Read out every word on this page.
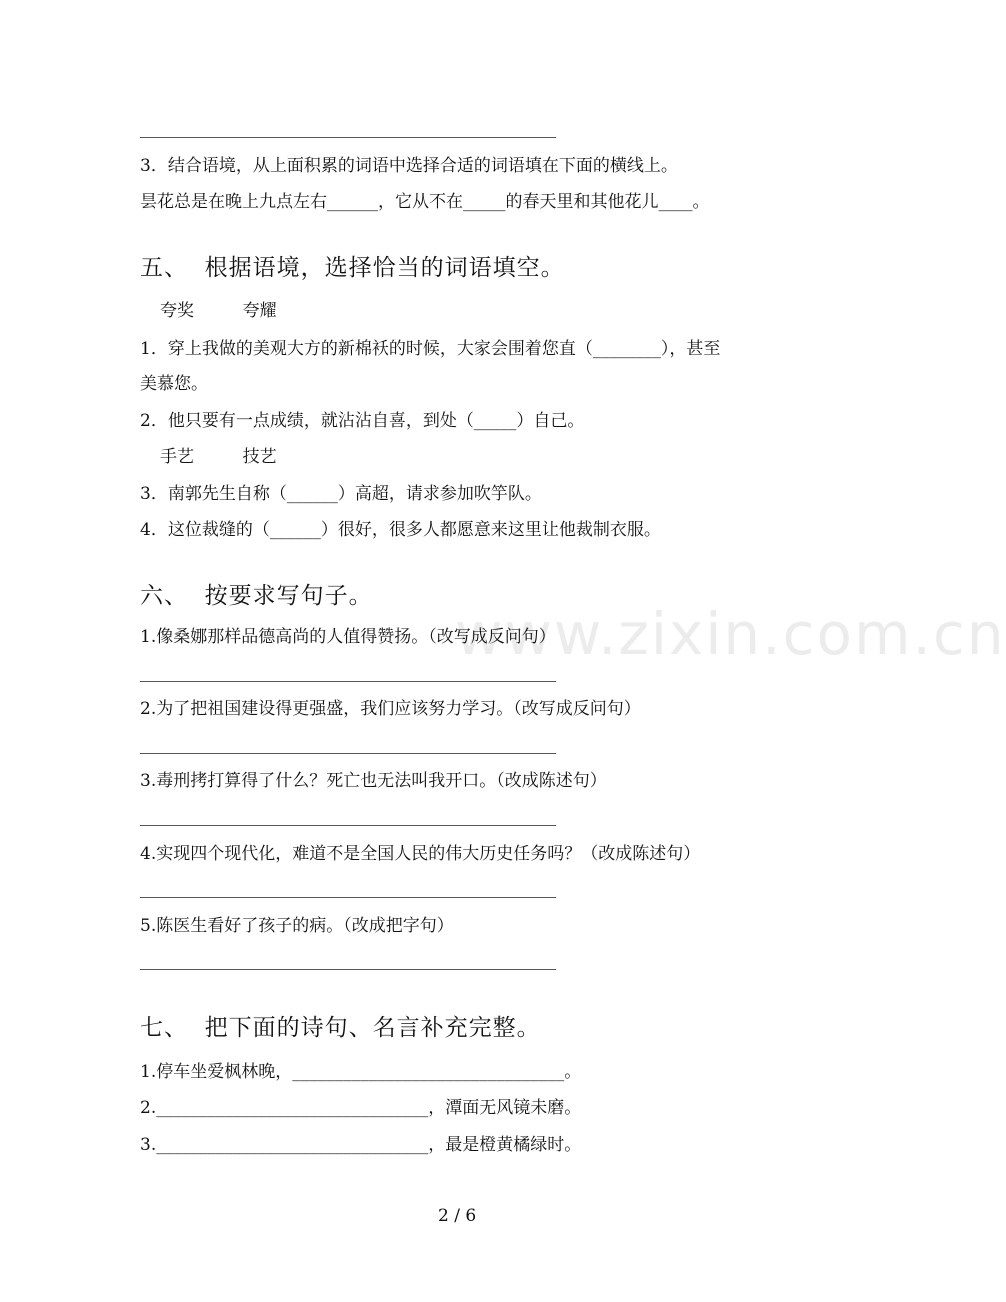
www.zixin.com.cn
3．结合语境，从上面积累的词语中选择合适的词语填在下面的横线上。
昙花总是在晚上九点左右______，它从不在_____的春天里和其他花儿____。
五、  根据语境，选择恰当的词语填空。
夸奖         夸耀
1．穿上我做的美观大方的新棉袄的时候，大家会围着您直（________），甚至
美慕您。
2．他只要有一点成绩，就沾沾自喜，到处（_____）自己。
手艺         技艺
3．南郭先生自称（______）高超，请求参加吹竽队。
4．这位裁缝的（______）很好，很多人都愿意来这里让他裁制衣服。
六、  按要求写句子。
1.像桑娜那样品德高尚的人值得赞扬。（改写成反问句）
2.为了把祖国建设得更强盛，我们应该努力学习。（改写成反问句）
3.毒刑拷打算得了什么？死亡也无法叫我开口。（改成陈述句）
4.实现四个现代化，难道不是全国人民的伟大历史任务吗？（改成陈述句）
5.陈医生看好了孩子的病。（改成把字句）
七、  把下面的诗句、名言补充完整。
1.停车坐爱枫林晚，________________________________。
2.________________________________，潭面无风镜未磨。
3.________________________________，最是橙黄橘绿时。
2 / 6
